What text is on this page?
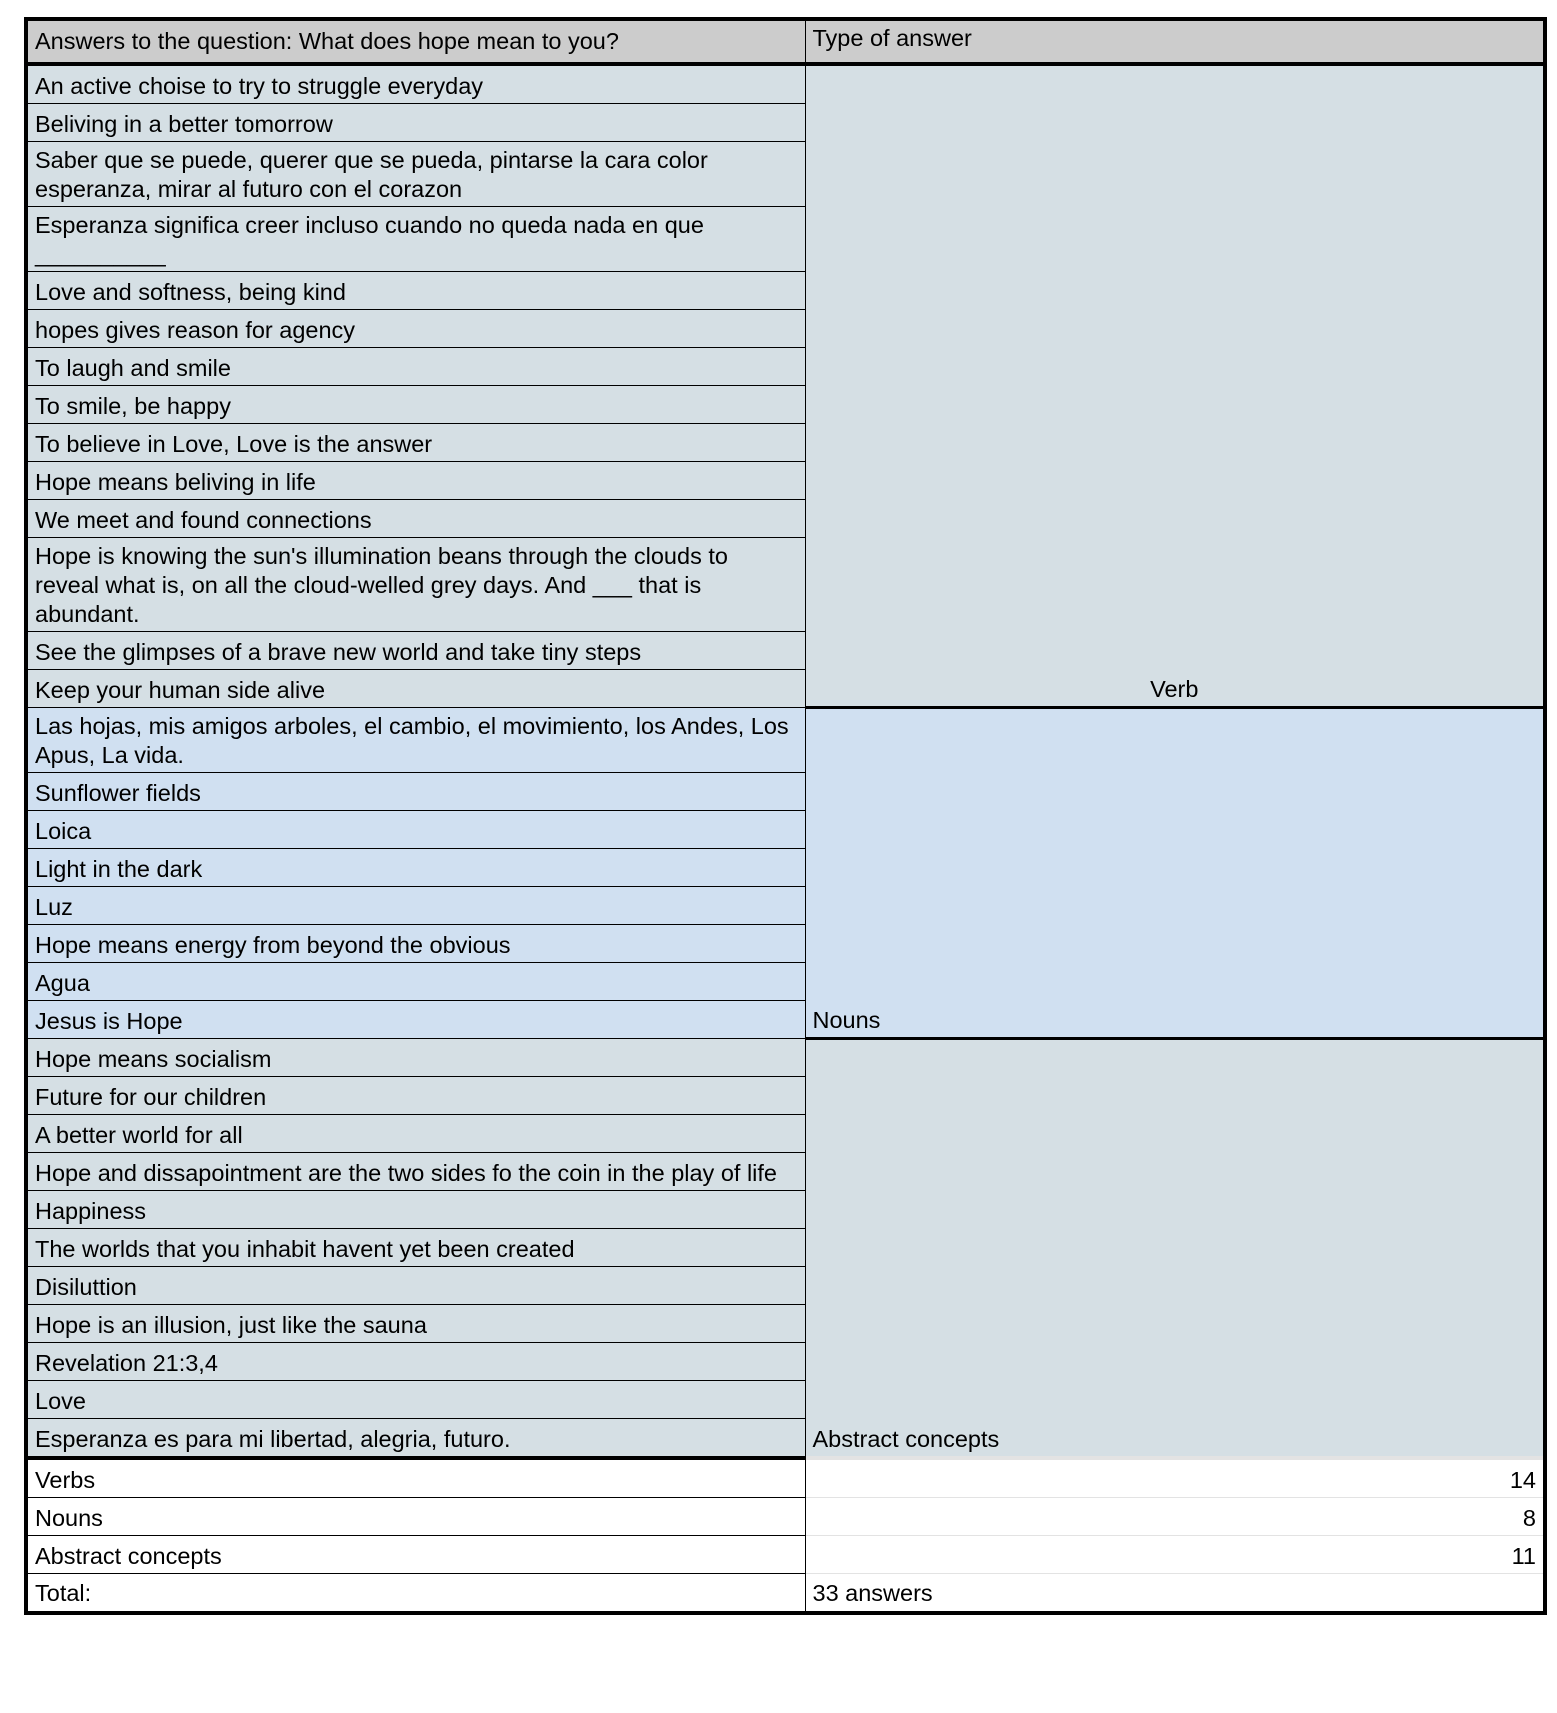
Answers to the question: What does hope mean to you?	Type of answer
An active choise to try to struggle everyday	Verb
Beliving in a better tomorrow	
Saber que se puede, querer que se pueda, pintarse la cara color esperanza, mirar al futuro con el corazon	
Esperanza significa creer incluso cuando no queda nada en que __________	
Love and softness, being kind	
hopes gives reason for agency	
To laugh and smile	
To smile, be happy	
To believe in Love, Love is the answer	
Hope means beliving in life	
We meet and found connections	
Hope is knowing the sun's illumination beans through the clouds to reveal what is, on all the cloud-welled grey days. And ___ that is abundant.	
See the glimpses of a brave new world and take tiny steps	
Keep your human side alive	
Las hojas, mis amigos arboles, el cambio, el movimiento, los Andes, Los Apus, La vida.	Nouns
Sunflower fields	
Loica	
Light in the dark	
Luz	
Hope means energy from beyond the obvious	
Agua	
Jesus is Hope	
Hope means socialism	Abstract concepts
Future for our children	
A better world for all	
Hope and dissapointment are the two sides fo the coin in the play of life	
Happiness	
The worlds that you inhabit havent yet been created	
Disiluttion	
Hope is an illusion, just like the sauna	
Revelation 21:3,4	
Love	
Esperanza es para mi libertad, alegria, futuro.	
Verbs	14
Nouns	8
Abstract concepts	11
Total:	33 answers
